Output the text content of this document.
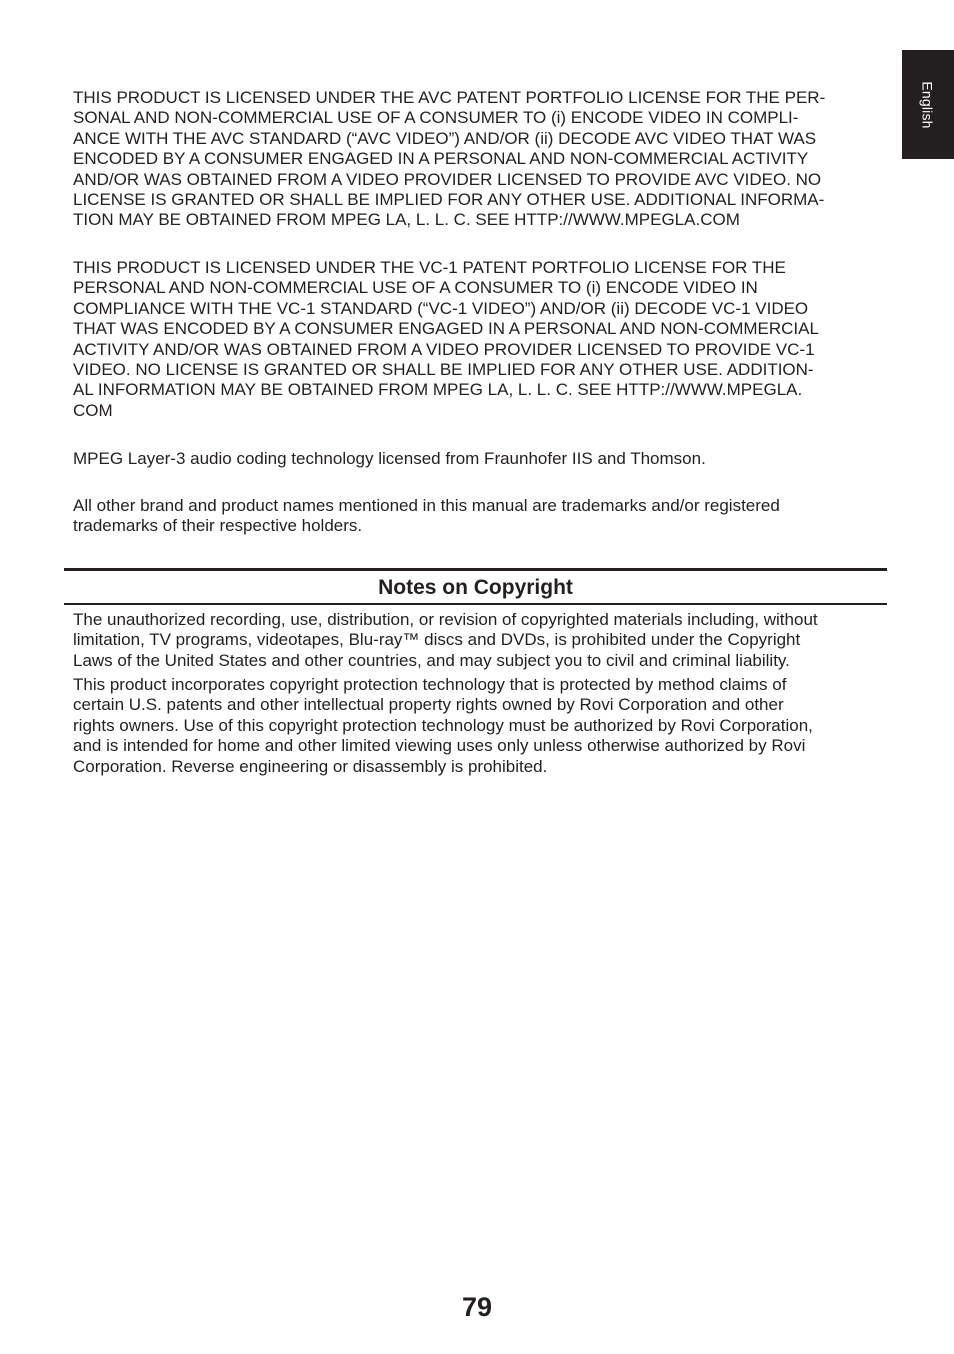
English

THIS PRODUCT IS LICENSED UNDER THE AVC PATENT PORTFOLIO LICENSE FOR THE PER-
SONAL AND NON-COMMERCIAL USE OF A CONSUMER TO (i) ENCODE VIDEO IN COMPLI-
ANCE WITH THE AVC STANDARD (“AVC VIDEO”) AND/OR (ii) DECODE AVC VIDEO THAT WAS
ENCODED BY A CONSUMER ENGAGED IN A PERSONAL AND NON-COMMERCIAL ACTIVITY
AND/OR WAS OBTAINED FROM A VIDEO PROVIDER LICENSED TO PROVIDE AVC VIDEO. NO
LICENSE IS GRANTED OR SHALL BE IMPLIED FOR ANY OTHER USE. ADDITIONAL INFORMA-
TION MAY BE OBTAINED FROM MPEG LA, L. L. C. SEE HTTP://WWW.MPEGLA.COM

THIS PRODUCT IS LICENSED UNDER THE VC-1 PATENT PORTFOLIO LICENSE FOR THE
PERSONAL AND NON-COMMERCIAL USE OF A CONSUMER TO (i) ENCODE VIDEO IN
COMPLIANCE WITH THE VC-1 STANDARD (“VC-1 VIDEO”) AND/OR (ii) DECODE VC-1 VIDEO
THAT WAS ENCODED BY A CONSUMER ENGAGED IN A PERSONAL AND NON-COMMERCIAL
ACTIVITY AND/OR WAS OBTAINED FROM A VIDEO PROVIDER LICENSED TO PROVIDE VC-1
VIDEO. NO LICENSE IS GRANTED OR SHALL BE IMPLIED FOR ANY OTHER USE. ADDITION-
AL INFORMATION MAY BE OBTAINED FROM MPEG LA, L. L. C. SEE HTTP://WWW.MPEGLA.
COM

MPEG Layer-3 audio coding technology licensed from Fraunhofer IIS and Thomson.

All other brand and product names mentioned in this manual are trademarks and/or registered
trademarks of their respective holders.

Notes on Copyright

The unauthorized recording, use, distribution, or revision of copyrighted materials including, without
limitation, TV programs, videotapes, Blu-ray™ discs and DVDs, is prohibited under the Copyright
Laws of the United States and other countries, and may subject you to civil and criminal liability.

This product incorporates copyright protection technology that is protected by method claims of
certain U.S. patents and other intellectual property rights owned by Rovi Corporation and other
rights owners. Use of this copyright protection technology must be authorized by Rovi Corporation,
and is intended for home and other limited viewing uses only unless otherwise authorized by Rovi
Corporation. Reverse engineering or disassembly is prohibited.

79
